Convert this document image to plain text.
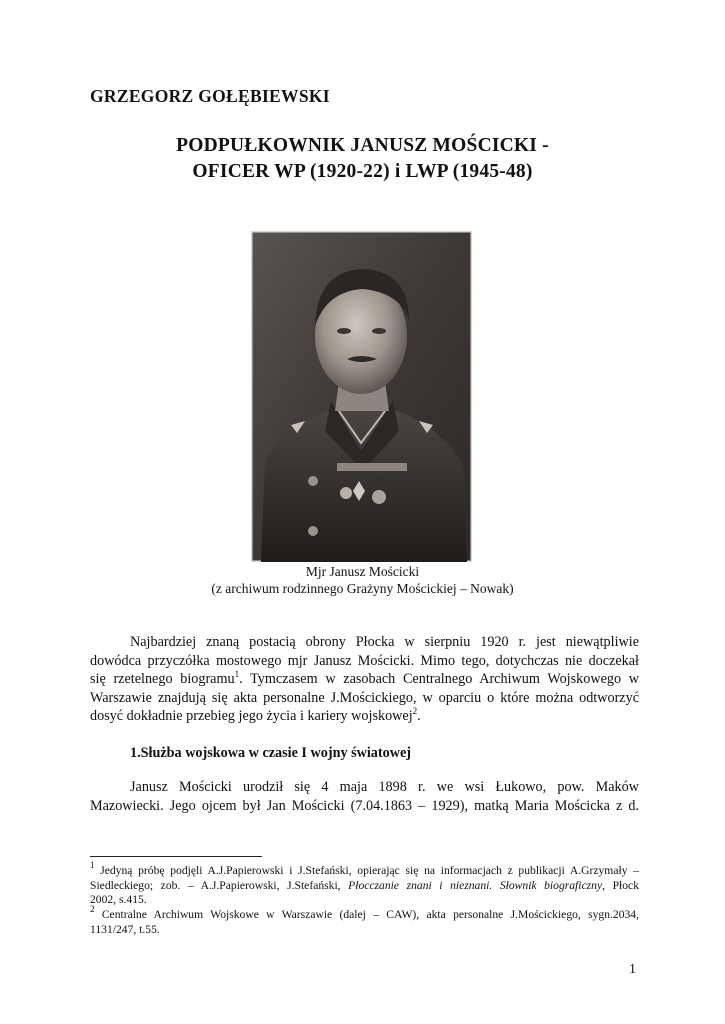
GRZEGORZ GOŁĘBIEWSKI
PODPUŁKOWNIK JANUSZ MOŚCICKI -
OFICER WP (1920-22) i LWP (1945-48)
Mjr Janusz Mościcki
(z archiwum rodzinnego Grażyny Mościckiej – Nowak)
Najbardziej znaną postacią obrony Płocka w sierpniu 1920 r. jest niewątpliwie
dowódca przyczółka mostowego mjr Janusz Mościcki. Mimo tego, dotychczas nie doczekał
się rzetelnego biogramu$^1$. Tymczasem w zasobach Centralnego Archiwum Wojskowego w
Warszawie znajdują się akta personalne J.Mościckiego, w oparciu o które można odtworzyć
dosyć dokładnie przebieg jego życia i kariery wojskowej$^2$.
1.Służba wojskowa w czasie I wojny światowej
Janusz Mościcki urodził się 4 maja 1898 r. we wsi Łukowo, pow. Maków
Mazowiecki. Jego ojcem był Jan Mościcki (7.04.1863 – 1929), matką Maria Mościcka z d.
$^1$ Jedyną próbę podjęli A.J.Papierowski i J.Stefański, opierając się na informacjach z publikacji A.Grzymały –
Siedleckiego; zob. – A.J.Papierowski, J.Stefański, Płocczanie znani i nieznani. Słownik biograficzny, Płock
2002, s.415.
$^2$ Centralne Archiwum Wojskowe w Warszawie (dalej – CAW), akta personalne J.Mościckiego, sygn.2034,
1131/247, t.55.
1
